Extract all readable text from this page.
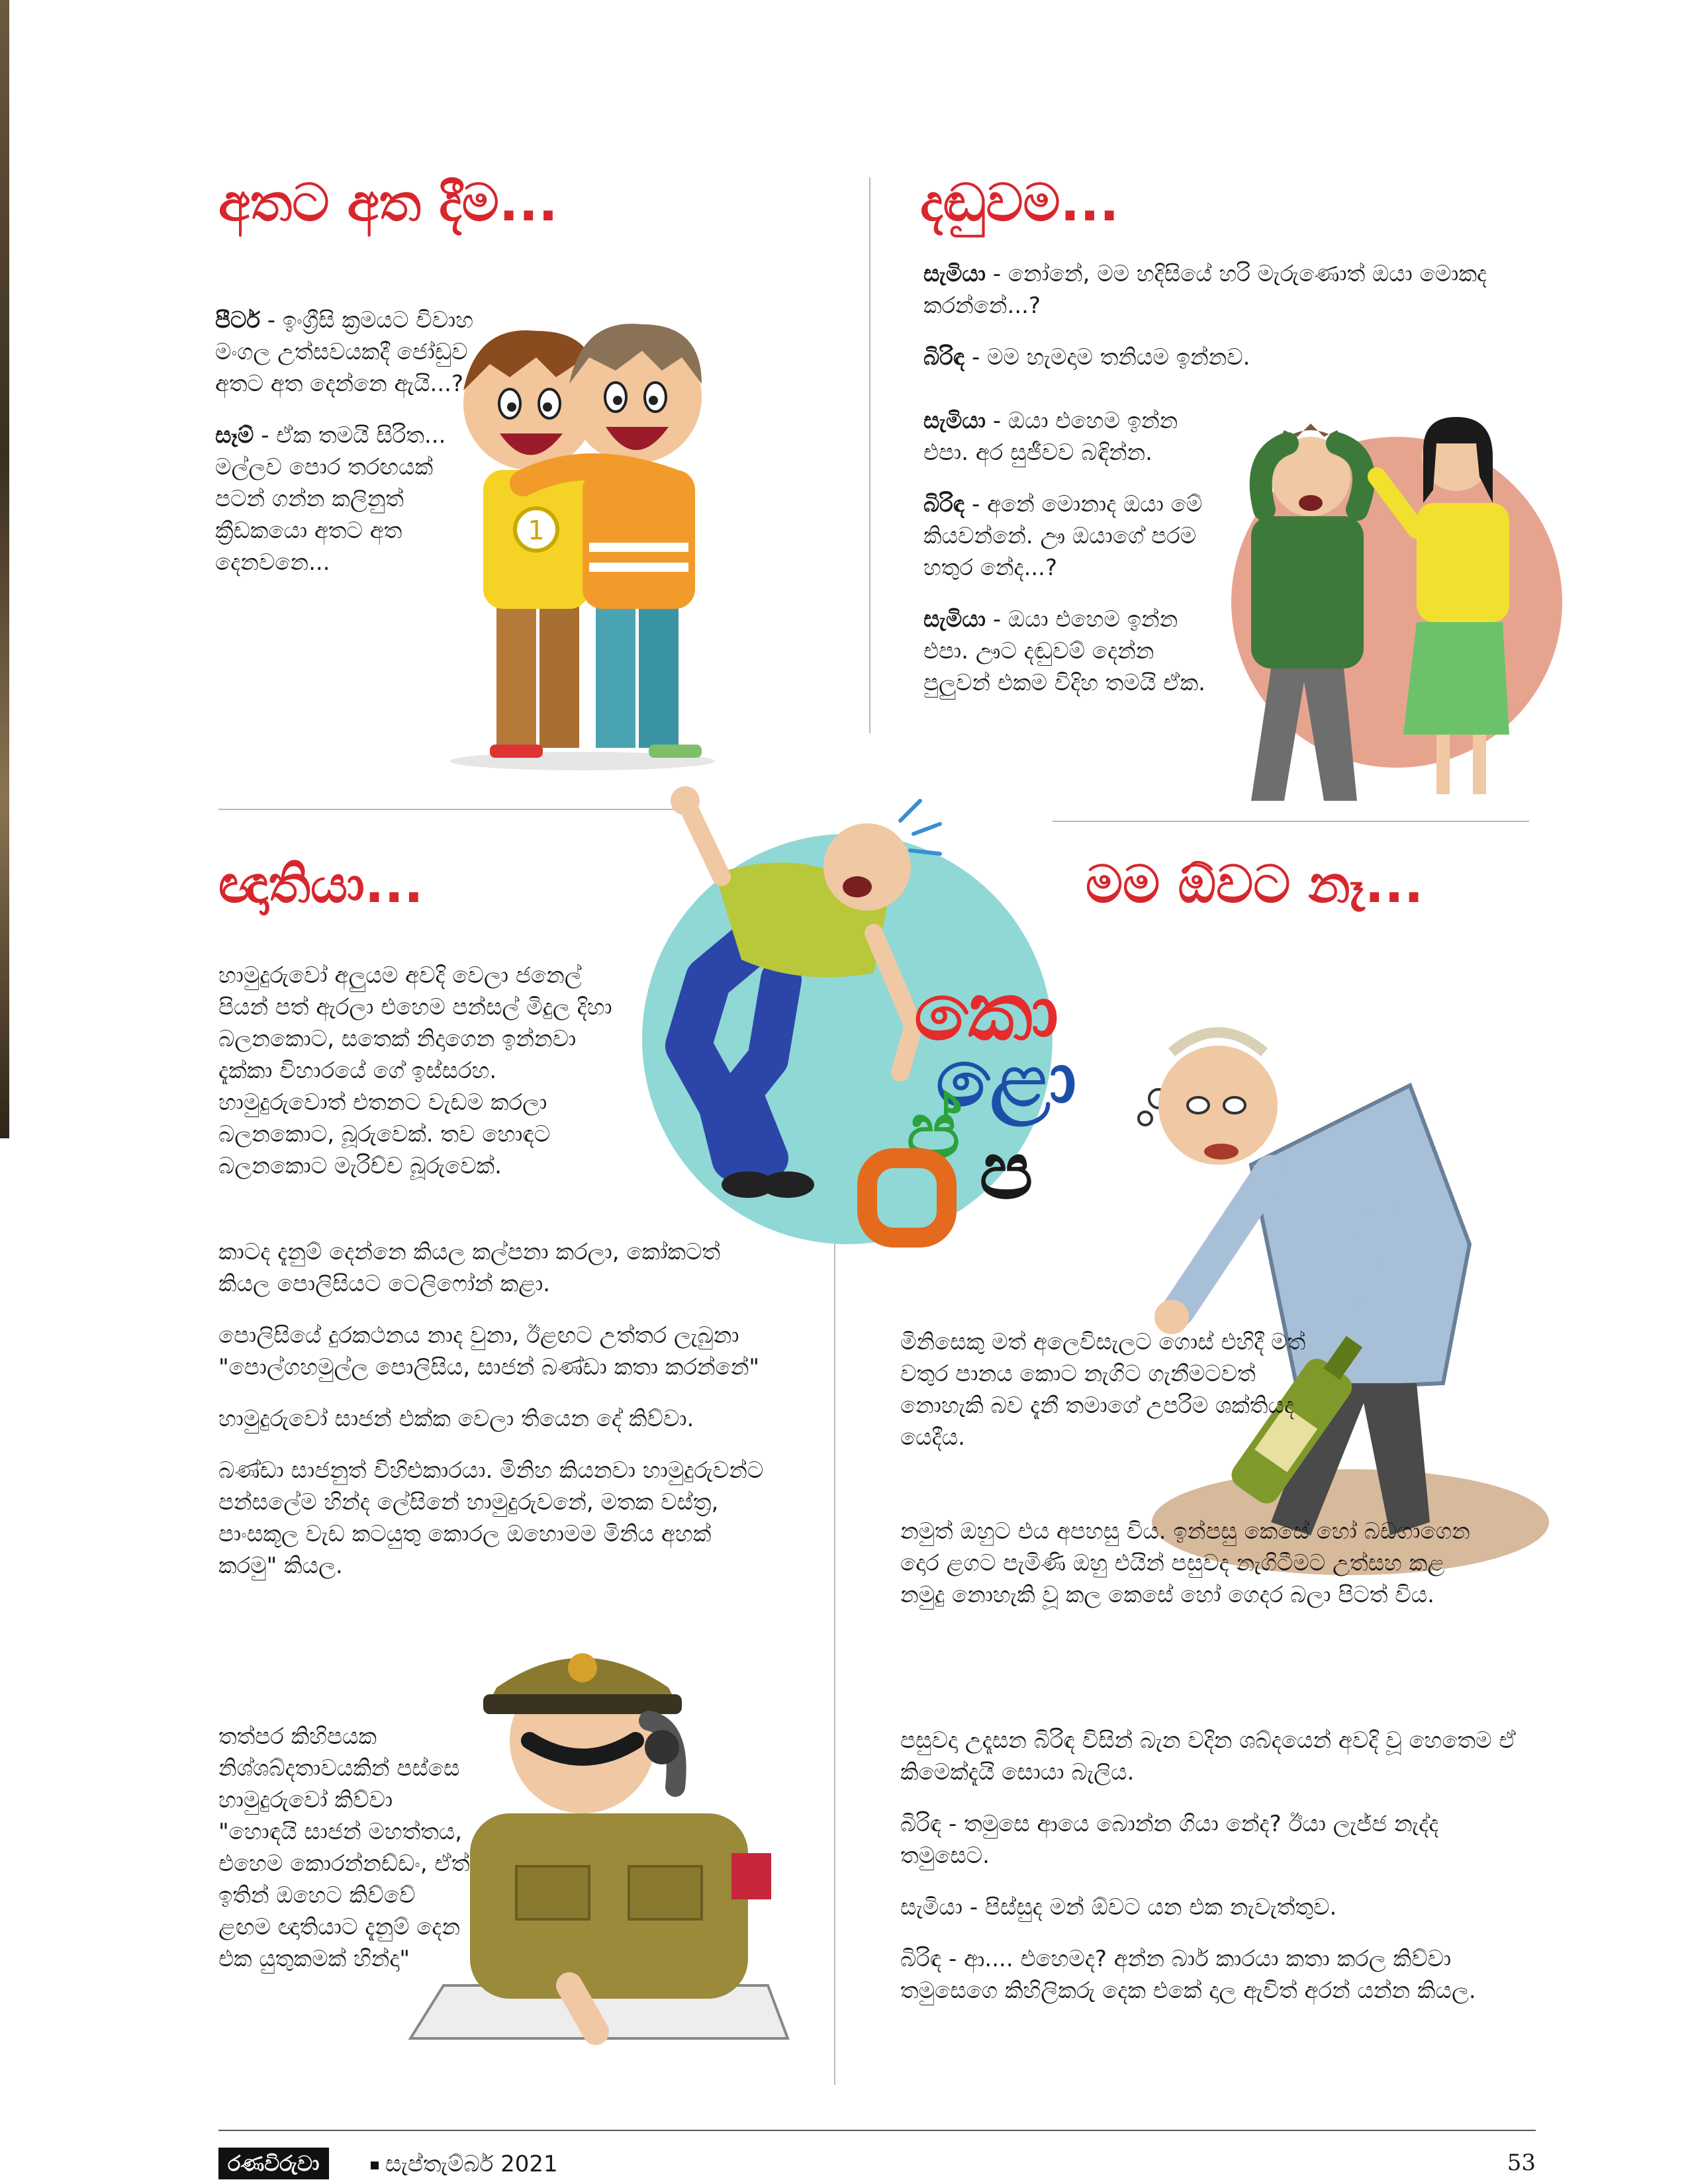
අතට අත දීම...

පීටර් - ඉංග්‍රීසි ක්‍රමයට විවාහ මංගල උත්සවයකදී ජෝඩුව අතට අත දෙන්නෙ ඇයි...?

සෑම් - ඒක තමයි සිරිත... මල්ලව පොර තරඟයක් පටන් ගන්න කලිනුත් ක්‍රීඩකයො අතට අත දෙනවනෙ...

1
දඬුවම...

සැමියා - නෝනේ, මම හදිසියේ හරි මැරුණොත් ඔයා මොකද කරන්නේ...?

බිරිඳ - මම හැමදාම තනියම ඉන්නව.

සැමියා - ඔයා එහෙම ඉන්න එපා. අර සුජීවව බඳින්න.

බිරිඳ - අනේ මොනාද ඔයා මේ කියවන්නේ. ඌ ඔයාගේ පරම හතුර නේද...?

සැමියා - ඔයා එහෙම ඉන්න එපා. ඌට දඬුවම් දෙන්න පුලුවන් එකම විදිහ තමයි ඒක.

කො
ළො
ප් ප
ඥාතියා...

හාමුදුරුවෝ අලුයම අවදි වෙලා ජනෙල් පියන් පත් ඇරලා එහෙම පන්සල් මිදුල දිහා බලනකොට, සතෙක් නිදාගෙන ඉන්නවා දැක්කා විහාරයේ ගේ ඉස්සරහ. හාමුදුරුවොත් එතනට වැඩම කරලා බලනකොට, බූරුවෙක්. තව හොඳට බලනකොට මැරිච්ච බූරුවෙක්.

කාටද දැනුම් දෙන්නෙ කියල කල්පනා කරලා, කෝකටත් කියල පොලිසියට ටෙලිෆෝන් කළා.

පොලිසියේ දුරකථනය නාද වුනා, ඊළඟට උත්තර ලැබුනා "පොල්ගහමුල්ල පොලිසිය, සාජන් බණ්ඩා කතා කරන්නේ"

හාමුදුරුවෝ සාජන් එක්ක වෙලා තියෙන දේ කිව්වා.

බණ්ඩා සාජනුත් විහිළුකාරයා. මිනිහ කියනවා හාමුදුරුවන්ට පන්සලේම හින්ද ලේසිනේ හාමුදුරුවනේ, මතක වස්ත්‍ර, පාංසකූල වැඩ කටයුතු කොරල ඔහොමම මිනිය අහක් කරමු" කියල.

තත්පර කිහිපයක නිශ්ශබ්දතාවයකින් පස්සෙ හාමුදුරුවෝ කිව්වා "හොඳයි සාජන් මහත්තය, එහෙම කොරන්නඩ්ඩං, ඒත් ඉතින් ඔහෙට කිව්වේ ළඟම ඥාතියාට දැනුම් දෙන එක යුතුකමක් හින්දා"

මම ඕවට නෑ...

මිනිසෙකු මත් අලෙවිසැලට ගොස් එහිදී මත් වතුර පානය කොට නැගිට ගැනීමටවත් නොහැකි බව දැනී තමාගේ උපරිම ශක්තියද යෙදීය.

නමුත් ඔහුට එය අපහසු විය. ඉන්පසු කෙසේ හෝ බඩගාගෙන දොර ළගට පැමිණි ඔහු එයින් පසුවද නැගිටීමට උත්සහ කළ නමුදු නොහැකි වූ කල කෙසේ හෝ ගෙදර බලා පිටත් විය.

පසුවදා උදෑසන බිරිඳ විසින් බැන වදින ශබ්දයෙන් අවදි වූ හෙතෙම ඒ කිමෙක්දැයි සොයා බැලිය.

බිරිඳ - තමුසෙ ආයෙ බොන්න ගියා නේද? ඊයා ලැජ්ජ නැද්ද තමුසෙට.

සැමියා - පිස්සුද මන් ඕවට යන එක නැවැත්තුව.

බිරිඳ - ආ.... එහෙමද? අන්න බාර් කාරයා කතා කරල කිව්වා තමුසෙගෙ කිහිලිකරු දෙක එකේ දාල ඇවිත් අරන් යන්න කියල.

රණවිරුවා	සැප්තැම්බර් 2021	53
